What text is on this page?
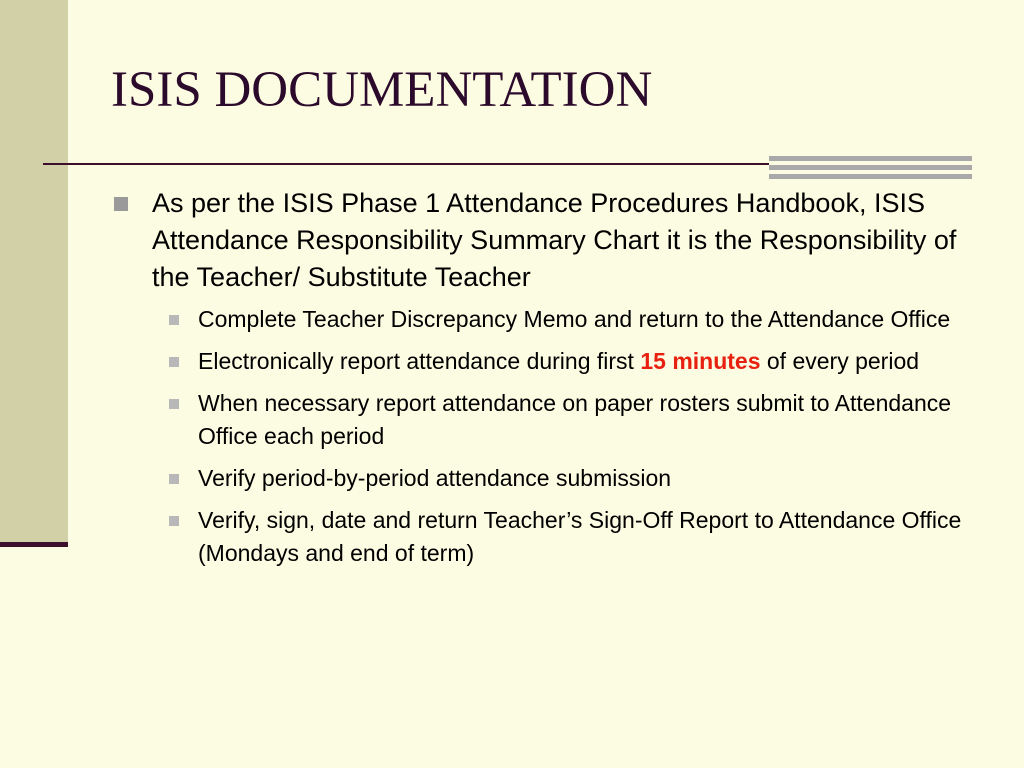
ISIS DOCUMENTATION
As per the ISIS Phase 1 Attendance Procedures Handbook, ISIS Attendance Responsibility Summary Chart it is the Responsibility of the Teacher/ Substitute Teacher
Complete Teacher Discrepancy Memo and return to the Attendance Office
Electronically report attendance during first 15 minutes of every period
When necessary report attendance on paper rosters submit to Attendance Office each period
Verify period-by-period attendance submission
Verify, sign, date and return Teacher’s Sign-Off Report to Attendance Office (Mondays and end of term)
